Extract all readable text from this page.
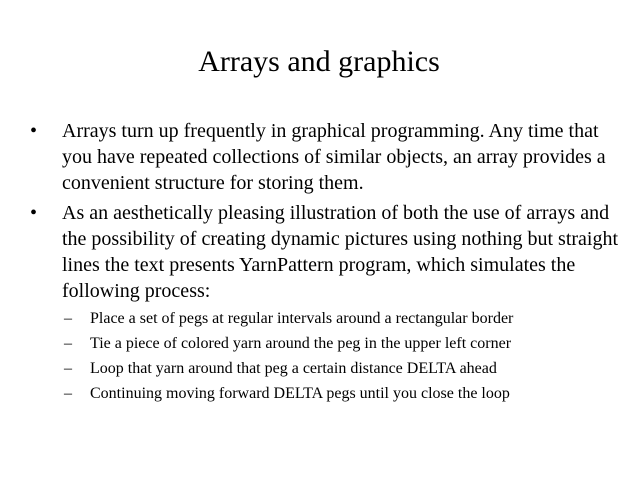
Arrays and graphics
• Arrays turn up frequently in graphical programming. Any time that you have repeated collections of similar objects, an array provides a convenient structure for storing them.
• As an aesthetically pleasing illustration of both the use of arrays and the possibility of creating dynamic pictures using nothing but straight lines the text presents YarnPattern program, which simulates the following process:
– Place a set of pegs at regular intervals around a rectangular border
– Tie a piece of colored yarn around the peg in the upper left corner
– Loop that yarn around that peg a certain distance DELTA ahead
– Continuing moving forward DELTA pegs until you close the loop
